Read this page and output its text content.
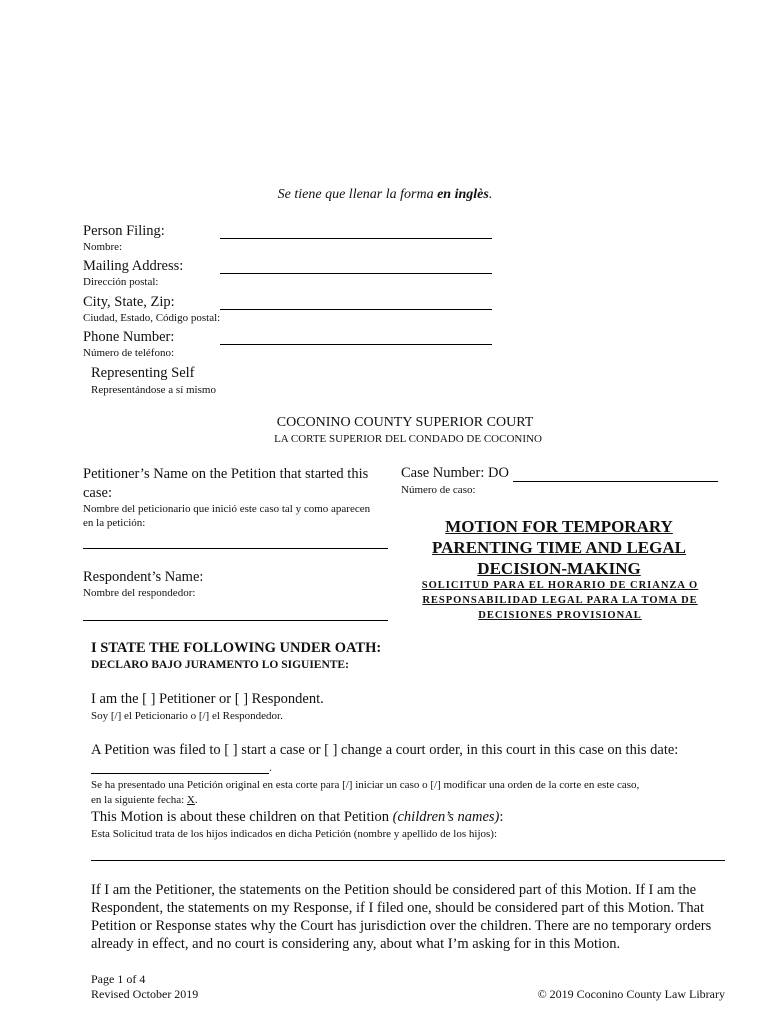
Se tiene que llenar la forma en inglès.
Person Filing:
Nombre:
Mailing Address:
Dirección postal:
City, State, Zip:
Ciudad, Estado, Código postal:
Phone Number:
Número de teléfono:
Representing Self
Representándose a sí mismo
COCONINO COUNTY SUPERIOR COURT
LA CORTE SUPERIOR DEL CONDADO DE COCONINO
Petitioner’s Name on the Petition that started this case:
Nombre del peticionario que inició este caso tal y como aparecen en la petición:
Respondent’s Name:
Nombre del respondedor:
Case Number: DO
Número de caso:
MOTION FOR TEMPORARY PARENTING TIME AND LEGAL DECISION-MAKING
SOLICITUD PARA EL HORARIO DE CRIANZA O RESPONSABILIDAD LEGAL PARA LA TOMA DE DECISIONES PROVISIONAL
I STATE THE FOLLOWING UNDER OATH:
DECLARO BAJO JURAMENTO LO SIGUIENTE:
I am the [ ] Petitioner or [ ] Respondent.
Soy [/] el Peticionario o [/] el Respondedor.
A Petition was filed to [ ] start a case or [ ] change a court order, in this court in this case on this date:
.
Se ha presentado una Petición original en esta corte para [/] iniciar un caso o [/] modificar una orden de la corte en este caso,
en la siguiente fecha: X.
This Motion is about these children on that Petition (children’s names):
Esta Solicitud trata de los hijos indicados en dicha Petición (nombre y apellido de los hijos):
If I am the Petitioner, the statements on the Petition should be considered part of this Motion. If I am the Respondent, the statements on my Response, if I filed one, should be considered part of this Motion. That Petition or Response states why the Court has jurisdiction over the children. There are no temporary orders already in effect, and no court is considering any, about what I’m asking for in this Motion.
Page 1 of 4
Revised October 2019	© 2019 Coconino County Law Library
